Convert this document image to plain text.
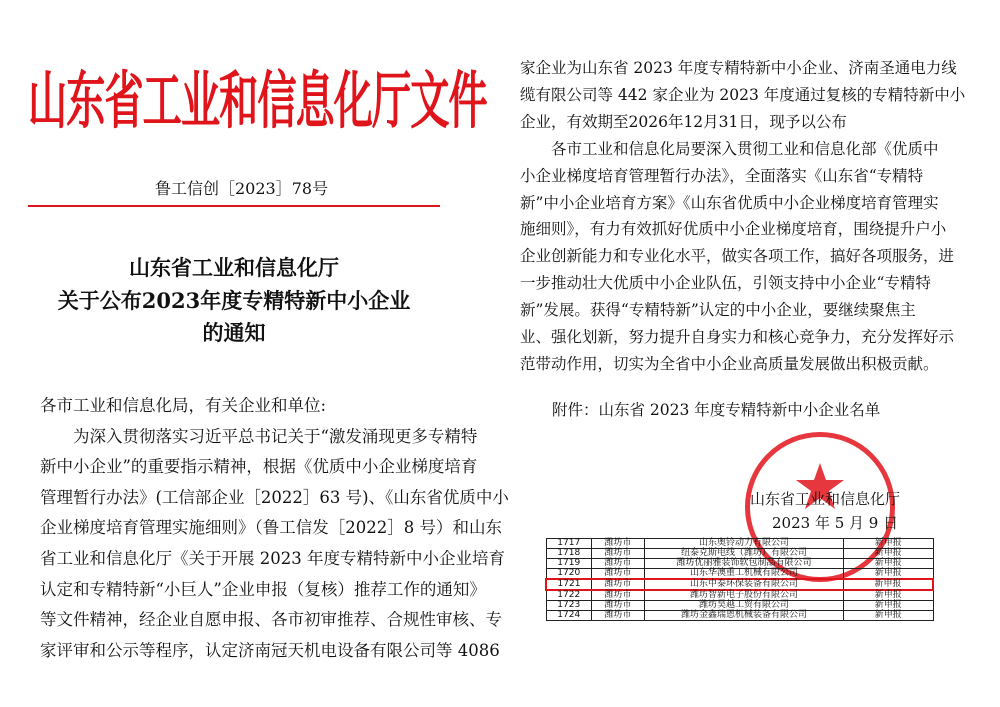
山东省工业和信息化厅文件
鲁工信创［2023］78号
山东省工业和信息化厅
关于公布2023年度专精特新中小企业
的通知
各市工业和信息化局，有关企业和单位:
　　为深入贯彻落实习近平总书记关于“激发涌现更多专精特
新中小企业”的重要指示精神，根据《优质中小企业梯度培育
管理暂行办法》(工信部企业［2022］63 号)、《山东省优质中小
企业梯度培育管理实施细则》（鲁工信发［2022］8 号）和山东
省工业和信息化厅《关于开展 2023 年度专精特新中小企业培育
认定和专精特新“小巨人”企业申报（复核）推荐工作的通知》
等文件精神，经企业自愿申报、各市初审推荐、合规性审核、专
家评审和公示等程序，认定济南冠天机电设备有限公司等 4086
家企业为山东省 2023 年度专精特新中小企业、济南圣通电力线
缆有限公司等 442 家企业为 2023 年度通过复核的专精特新中小
企业，有效期至2026年12月31日，现予以公布
　　各市工业和信息化局要深入贯彻工业和信息化部《优质中
小企业梯度培育管理暂行办法》，全面落实《山东省“专精特
新”中小企业培育方案》《山东省优质中小企业梯度培育管理实
施细则》，有力有效抓好优质中小企业梯度培育，围绕提升户小
企业创新能力和专业化水平，做实各项工作，搞好各项服务，进
一步推动壮大优质中小企业队伍，引领支持中小企业“专精特
新”发展。获得“专精特新”认定的中小企业，要继续聚焦主
业、强化划新，努力提升自身实力和核心竞争力，充分发挥好示
范带动作用，切实为全省中小企业高质量发展做出积极贡献。
附件：山东省 2023 年度专精特新中小企业名单
山东省工业和信息化厅
2023 年 5 月 9 日
1717	潍坊市	山东奥铃动力有限公司	新申报
1718	潍坊市	纽泰克斯电线（潍坊）有限公司	新申报
1719	潍坊市	潍坊优丽雅装饰软包制品有限公司	新申报
1720	潍坊市	山东华澳重工机械有限公司	新申报
1721	潍坊市	山东中泰环保装备有限公司	新申报
1722	潍坊市	潍坊智新电子股份有限公司	新申报
1723	潍坊市	潍坊昊越工贸有限公司	新申报
1724	潍坊市	潍坊金鑫瑞恩机械装备有限公司	新申报
